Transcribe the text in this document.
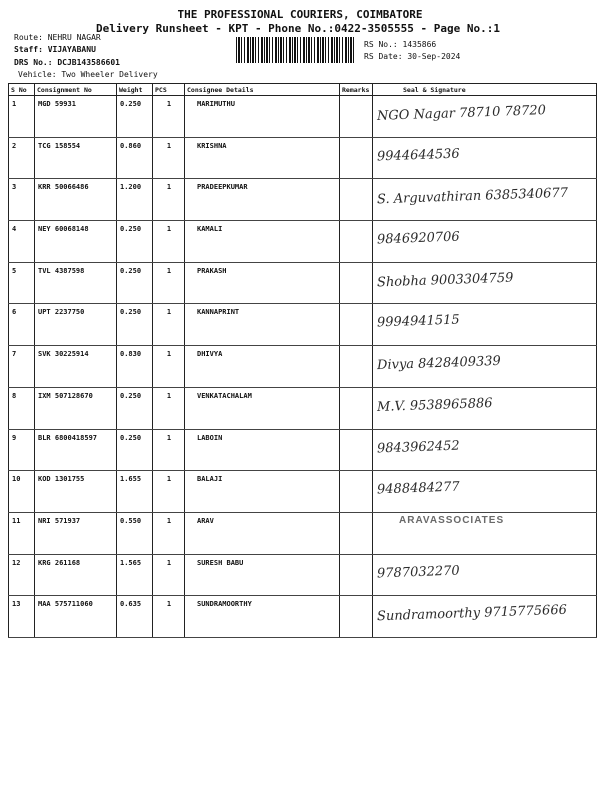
THE PROFESSIONAL COURIERS, COIMBATORE
Delivery Runsheet - KPT - Phone No.:0422-3505555 - Page No.:1
Route: NEHRU NAGAR
Staff: VIJAYABANU
DRS No.: DCJB143586601
Vehicle: Two Wheeler Delivery
RS No.: 1435866
RS Date: 30-Sep-2024
S No	Consignment No	Weight	PCS	Consignee Details	Remarks	Seal & Signature
1	MGD 59931	0.250	1	MARIMUTHU		NGO Nagar 78710 78720

2	TCG 158554	0.860	1	KRISHNA		9944644536

3	KRR 50066486	1.200	1	PRADEEPKUMAR		S. Arguvathiran 6385340677

4	NEY 60068148	0.250	1	KAMALI		9846920706

5	TVL 4387598	0.250	1	PRAKASH		Shobha 9003304759

6	UPT 2237750	0.250	1	KANNAPRINT		9994941515

7	SVK 30225914	0.830	1	DHIVYA		Divya 8428409339

8	IXM 507128670	0.250	1	VENKATACHALAM		M.V. 9538965886

9	BLR 6800418597	0.250	1	LABOIN		9843962452

10	KOD 1301755	1.655	1	BALAJI		9488484277

11	NRI 571937	0.550	1	ARAV		ARAVASSOCIATES

12	KRG 261168	1.565	1	SURESH BABU		9787032270

13	MAA 575711060	0.635	1	SUNDRAMOORTHY		Sundramoorthy 9715775666
